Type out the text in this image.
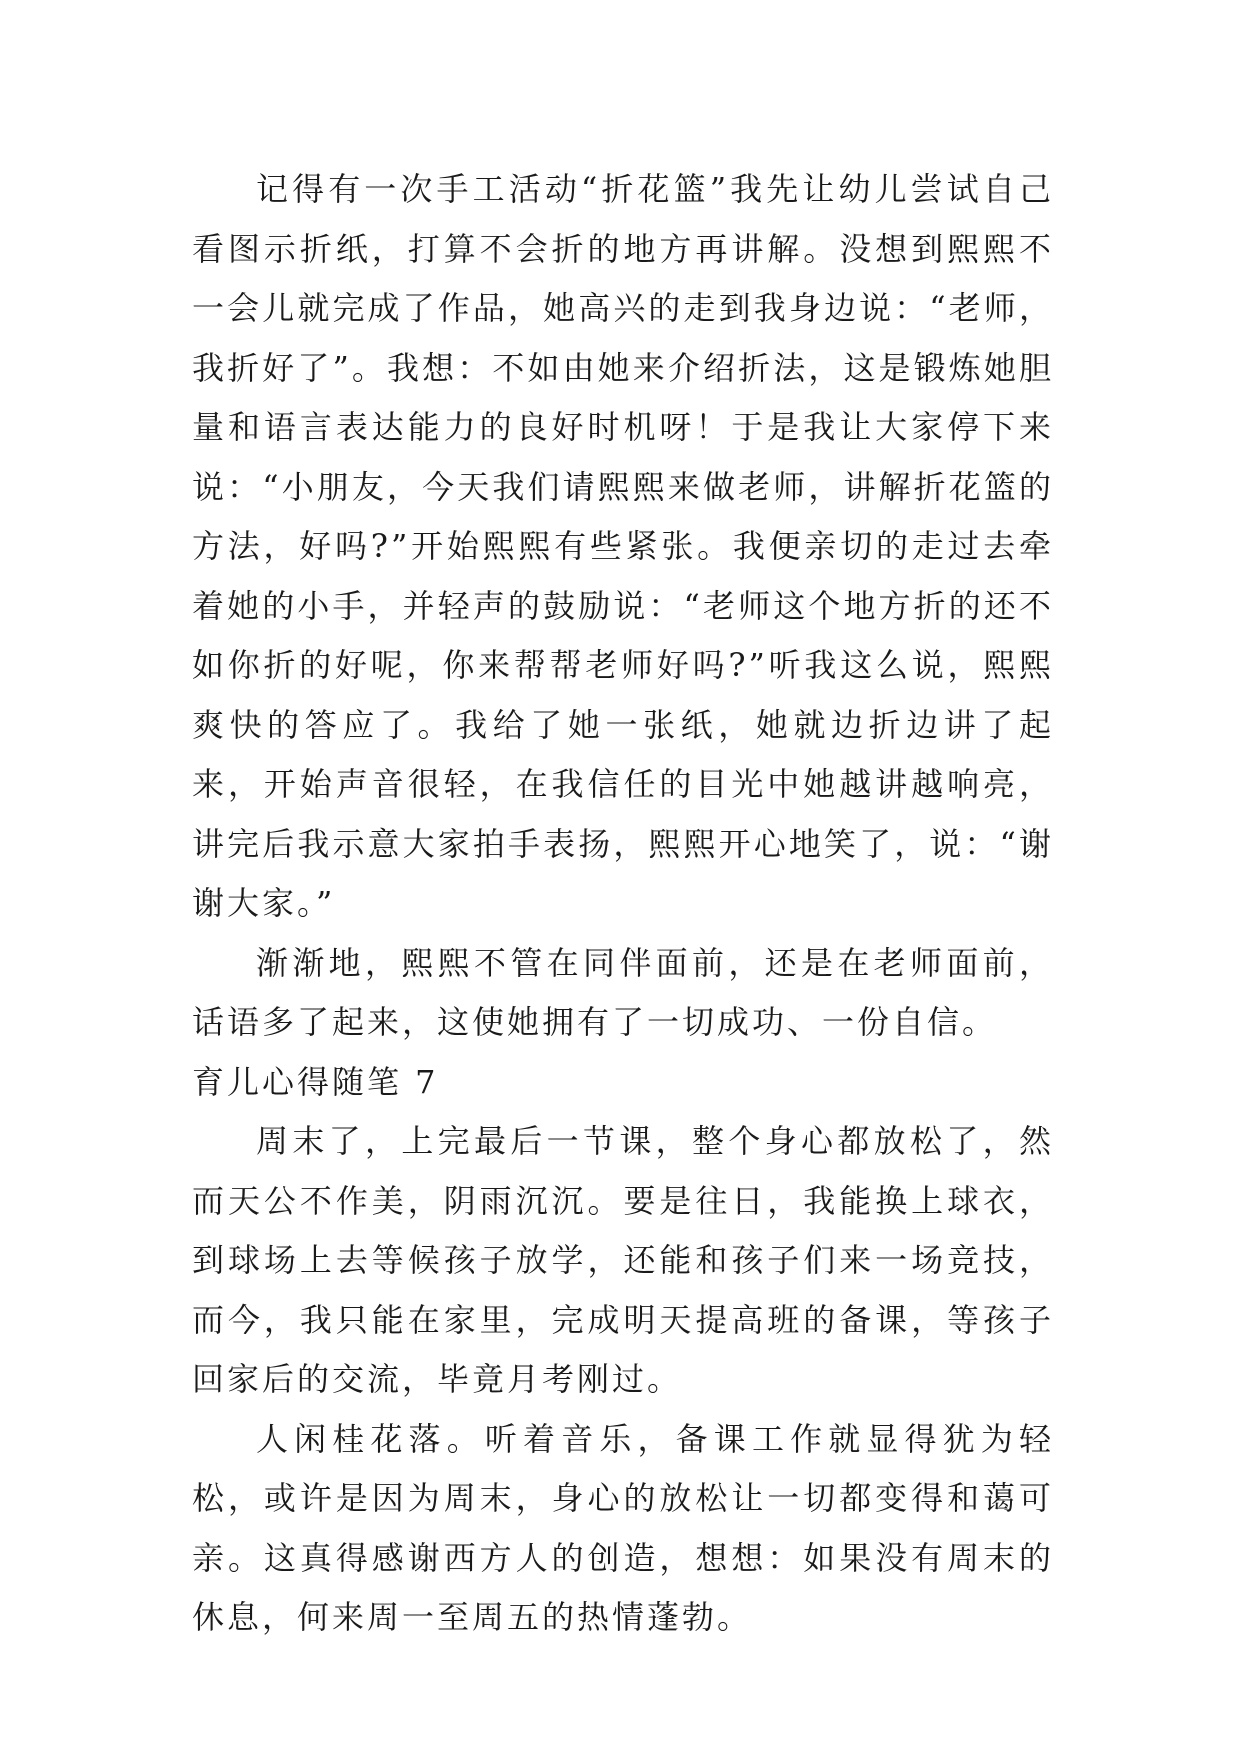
记得有一次手工活动“折花篮”我先让幼儿尝试自己看图示折纸，打算不会折的地方再讲解。没想到熙熙不一会儿就完成了作品，她高兴的走到我身边说：“老师，我折好了”。我想：不如由她来介绍折法，这是锻炼她胆量和语言表达能力的良好时机呀！于是我让大家停下来说：“小朋友，今天我们请熙熙来做老师，讲解折花篮的方法，好吗?”开始熙熙有些紧张。我便亲切的走过去牵着她的小手，并轻声的鼓励说：“老师这个地方折的还不如你折的好呢，你来帮帮老师好吗?”听我这么说，熙熙爽快的答应了。我给了她一张纸，她就边折边讲了起来，开始声音很轻，在我信任的目光中她越讲越响亮，讲完后我示意大家拍手表扬，熙熙开心地笑了，说：“谢谢大家。”

渐渐地，熙熙不管在同伴面前，还是在老师面前，话语多了起来，这使她拥有了一切成功、一份自信。

育儿心得随笔 7

周末了，上完最后一节课，整个身心都放松了，然而天公不作美，阴雨沉沉。要是往日，我能换上球衣，到球场上去等候孩子放学，还能和孩子们来一场竞技，而今，我只能在家里，完成明天提高班的备课，等孩子回家后的交流，毕竟月考刚过。

人闲桂花落。听着音乐，备课工作就显得犹为轻松，或许是因为周末，身心的放松让一切都变得和蔼可亲。这真得感谢西方人的创造，想想：如果没有周末的休息，何来周一至周五的热情蓬勃。
